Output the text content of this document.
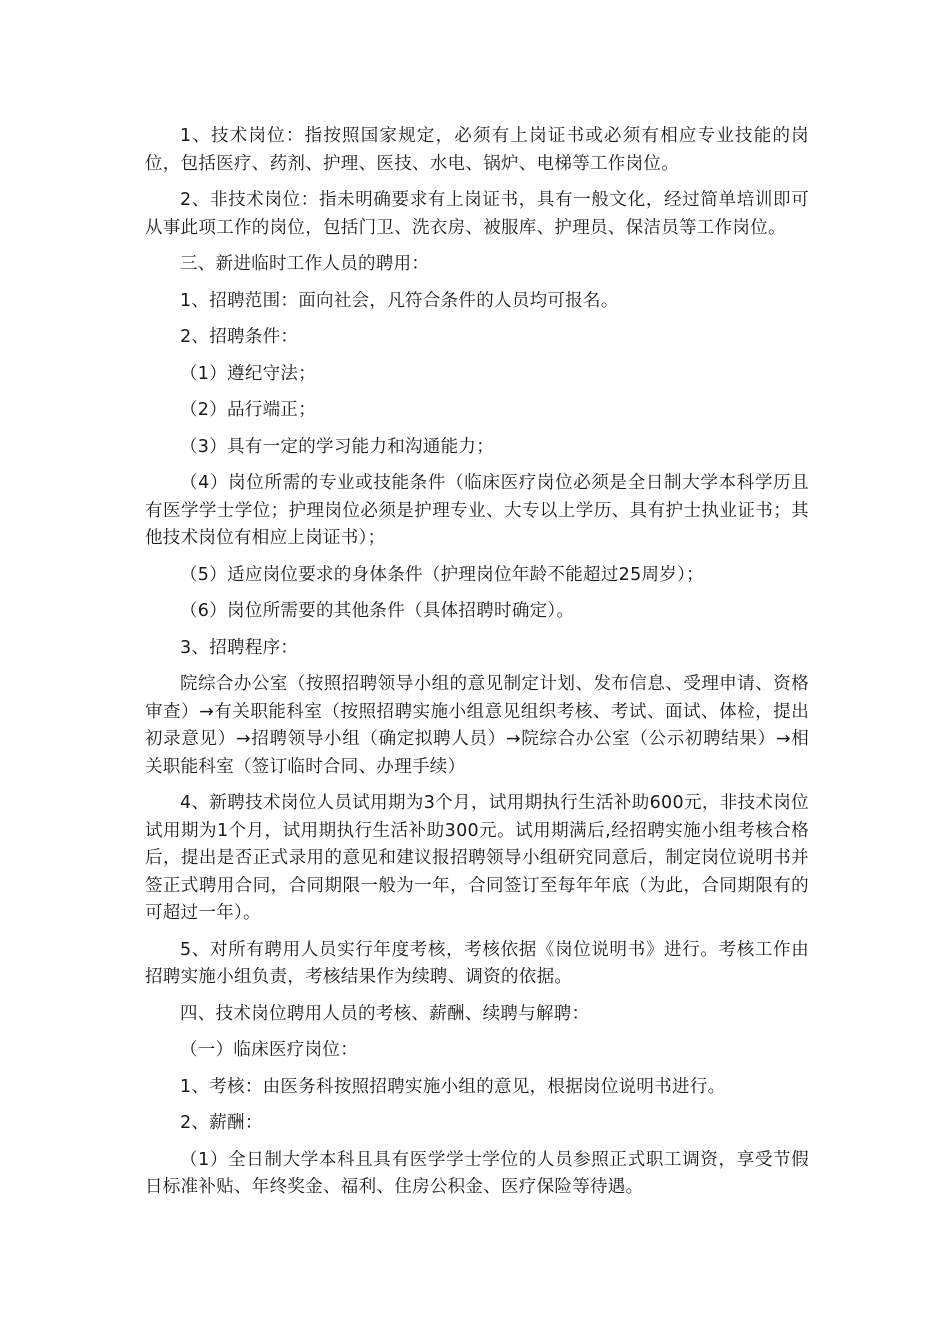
1、技术岗位：指按照国家规定，必须有上岗证书或必须有相应专业技能的岗位，包括医疗、药剂、护理、医技、水电、锅炉、电梯等工作岗位。

2、非技术岗位：指未明确要求有上岗证书，具有一般文化，经过简单培训即可从事此项工作的岗位，包括门卫、洗衣房、被服库、护理员、保洁员等工作岗位。

三、新进临时工作人员的聘用：

1、招聘范围：面向社会，凡符合条件的人员均可报名。

2、招聘条件：

（1）遵纪守法；

（2）品行端正；

（3）具有一定的学习能力和沟通能力；

（4）岗位所需的专业或技能条件（临床医疗岗位必须是全日制大学本科学历且有医学学士学位；护理岗位必须是护理专业、大专以上学历、具有护士执业证书；其他技术岗位有相应上岗证书）；

（5）适应岗位要求的身体条件（护理岗位年龄不能超过25周岁）；

（6）岗位所需要的其他条件（具体招聘时确定）。

3、招聘程序：

院综合办公室（按照招聘领导小组的意见制定计划、发布信息、受理申请、资格审查）→有关职能科室（按照招聘实施小组意见组织考核、考试、面试、体检，提出初录意见）→招聘领导小组（确定拟聘人员）→院综合办公室（公示初聘结果）→相关职能科室（签订临时合同、办理手续）

4、新聘技术岗位人员试用期为3个月，试用期执行生活补助600元，非技术岗位试用期为1个月，试用期执行生活补助300元。试用期满后,经招聘实施小组考核合格后，提出是否正式录用的意见和建议报招聘领导小组研究同意后，制定岗位说明书并签正式聘用合同，合同期限一般为一年，合同签订至每年年底（为此，合同期限有的可超过一年）。

5、对所有聘用人员实行年度考核，考核依据《岗位说明书》进行。考核工作由招聘实施小组负责，考核结果作为续聘、调资的依据。

四、技术岗位聘用人员的考核、薪酬、续聘与解聘：

（一）临床医疗岗位：

1、考核：由医务科按照招聘实施小组的意见，根据岗位说明书进行。

2、薪酬：

（1）全日制大学本科且具有医学学士学位的人员参照正式职工调资，享受节假日标准补贴、年终奖金、福利、住房公积金、医疗保险等待遇。
